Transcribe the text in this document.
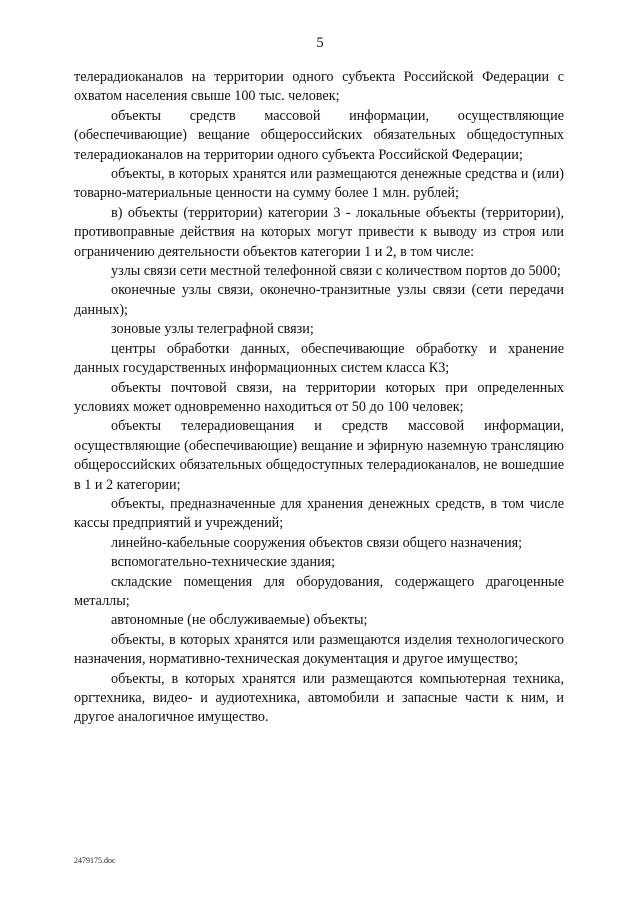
5

телерадиоканалов на территории одного субъекта Российской Федерации с охватом населения свыше 100 тыс. человек;

объекты средств массовой информации, осуществляющие (обеспечивающие) вещание общероссийских обязательных общедоступных телерадиоканалов на территории одного субъекта Российской Федерации;

объекты, в которых хранятся или размещаются денежные средства и (или) товарно-материальные ценности на сумму более 1 млн. рублей;

в) объекты (территории) категории 3 - локальные объекты (территории), противоправные действия на которых могут привести к выводу из строя или ограничению деятельности объектов категории 1 и 2, в том числе:

узлы связи сети местной телефонной связи с количеством портов до 5000;

оконечные узлы связи, оконечно-транзитные узлы связи (сети передачи данных);

зоновые узлы телеграфной связи;

центры обработки данных, обеспечивающие обработку и хранение данных государственных информационных систем класса К3;

объекты почтовой связи, на территории которых при определенных условиях может одновременно находиться от 50 до 100 человек;

объекты телерадиовещания и средств массовой информации, осуществляющие (обеспечивающие) вещание и эфирную наземную трансляцию общероссийских обязательных общедоступных телерадиоканалов, не вошедшие в 1 и 2 категории;

объекты, предназначенные для хранения денежных средств, в том числе кассы предприятий и учреждений;

линейно-кабельные сооружения объектов связи общего назначения;

вспомогательно-технические здания;

складские помещения для оборудования, содержащего драгоценные металлы;

автономные (не обслуживаемые) объекты;

объекты, в которых хранятся или размещаются изделия технологического назначения, нормативно-техническая документация и другое имущество;

объекты, в которых хранятся или размещаются компьютерная техника, оргтехника, видео- и аудиотехника, автомобили и запасные части к ним, и другое аналогичное имущество.

2479175.doc
